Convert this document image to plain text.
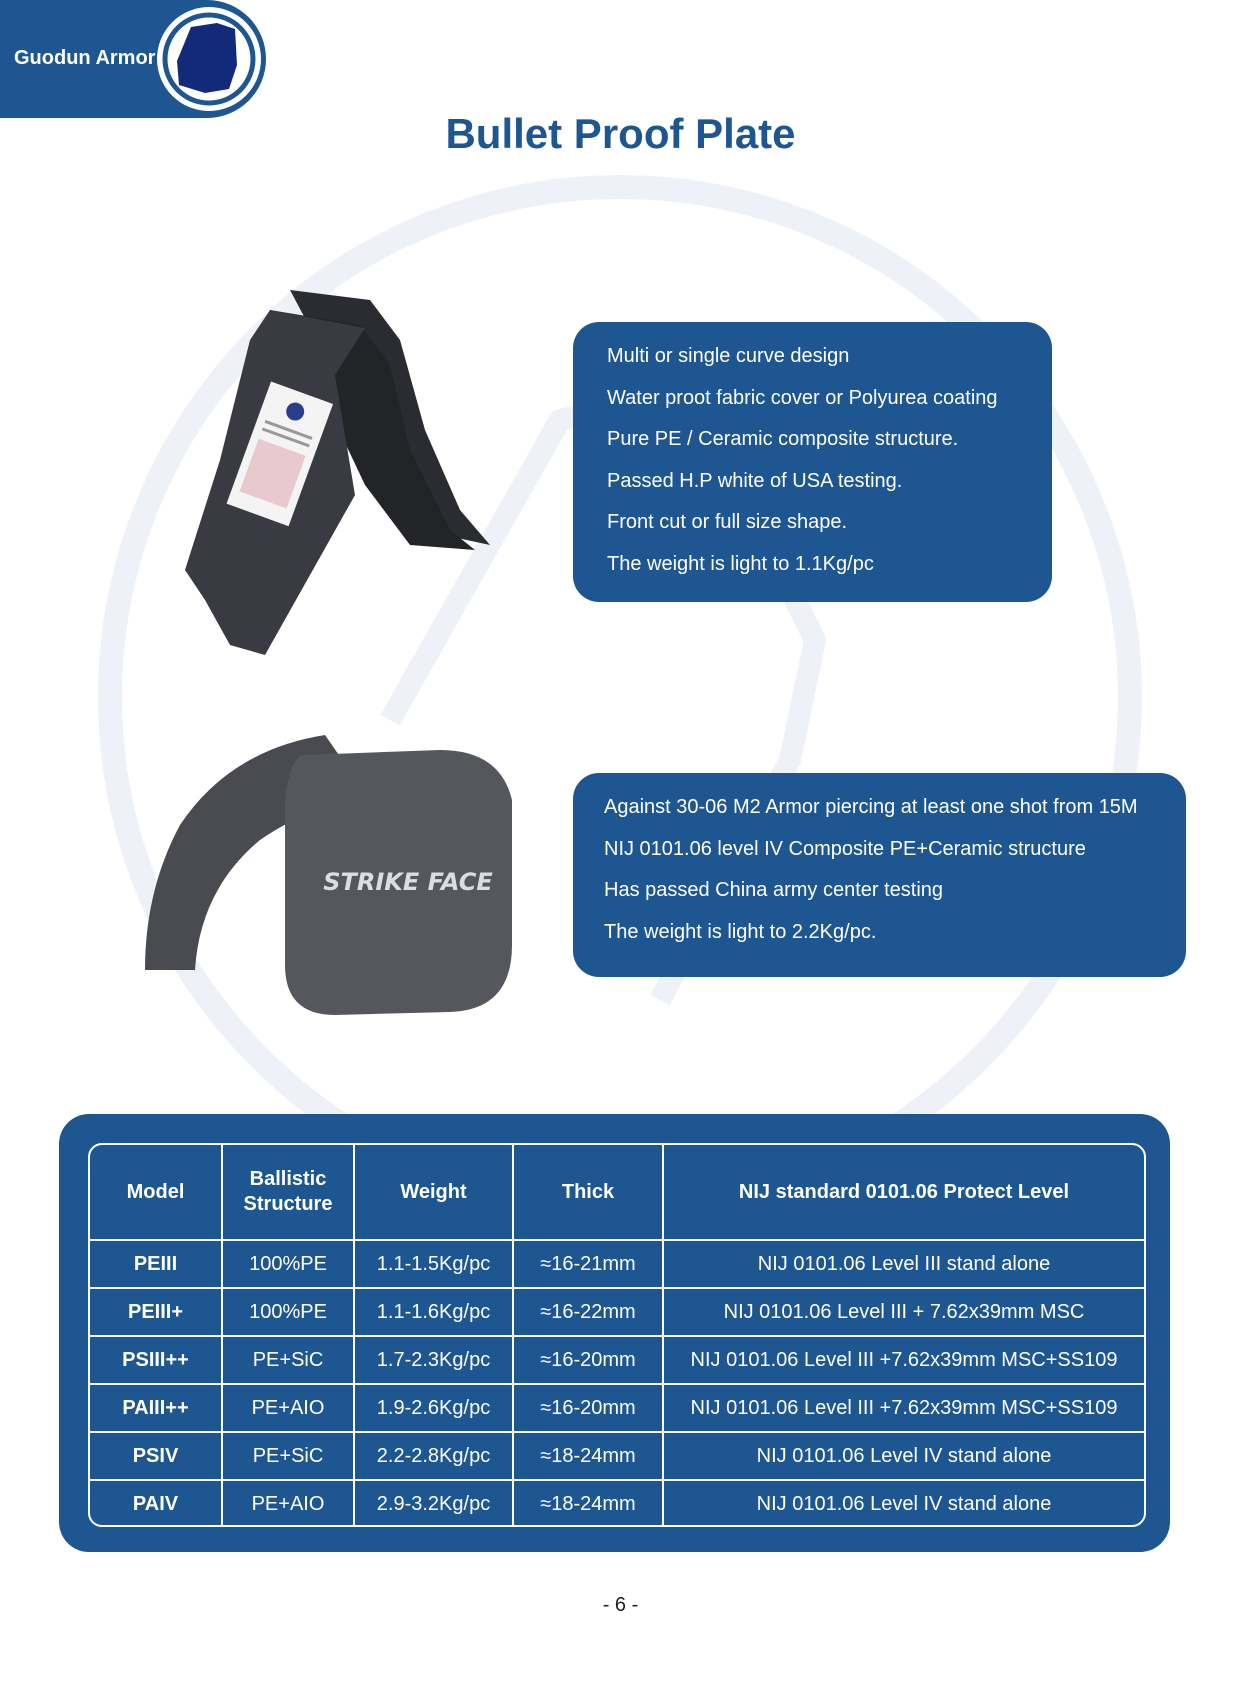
Guodun Armor
Bullet Proof Plate
Multi or single curve design
Water proot fabric cover or Polyurea coating
Pure PE / Ceramic composite structure.
Passed H.P white of USA testing.
Front cut or full size shape.
The weight is light to 1.1Kg/pc
STRIKE FACE
Against 30-06 M2 Armor piercing at least one shot from 15M
NIJ 0101.06 level IV Composite PE+Ceramic structure
Has passed China army center testing
The weight is light to 2.2Kg/pc.
Model	Ballistic Structure	Weight	Thick	NIJ standard 0101.06 Protect Level
PEIII	100%PE	1.1-1.5Kg/pc	≈16-21mm	NIJ 0101.06 Level III stand alone
PEIII+	100%PE	1.1-1.6Kg/pc	≈16-22mm	NIJ 0101.06 Level III + 7.62x39mm MSC
PSIII++	PE+SiC	1.7-2.3Kg/pc	≈16-20mm	NIJ 0101.06 Level III +7.62x39mm MSC+SS109
PAIII++	PE+AIO	1.9-2.6Kg/pc	≈16-20mm	NIJ 0101.06 Level III +7.62x39mm MSC+SS109
PSIV	PE+SiC	2.2-2.8Kg/pc	≈18-24mm	NIJ 0101.06 Level IV stand alone
PAIV	PE+AIO	2.9-3.2Kg/pc	≈18-24mm	NIJ 0101.06 Level IV stand alone
- 6 -
